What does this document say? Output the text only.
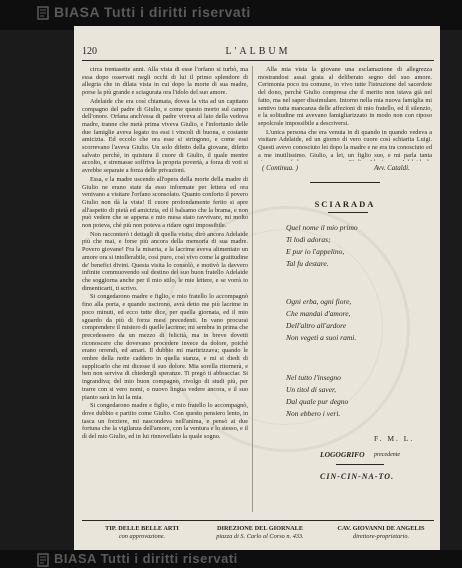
BIASA Tutti i diritti riservati
120	L'ALBUM

circa trentasette anni. Alla vista di esse l'orfano si turbò, ma essa dopo osservati negli occhi di lui il primo splendore di allegria che in dilata vista in cui dopo la morte di sua madre, porse la più grande e sciagurata ora l'idolo del suo amore.

Adelaide che era così chiamata, dovea la vita ad un capitano compagno del padre di Giulio, e come questo morto sul campo dell'onore. Orfana anch'essa di padre viveva al lato della vedova madre, tranne che metà prima viveva Giulio, e l'infortunio delle due famiglie aveva legato tra essi i vincoli di buona, e costante amicizia. Ed eccolo che ora esse si stringono, e come essi scorrevano l'aveva Giulio. Un solo difetto della giovane, difetto salvato perchè, in quistura il cuore di Giulio, il quale mentre accolto, e stremasse soffriva la propria povertà, a forza di voti si avrebbe separate a forza delle privazioni.

Essa, e la madre uscendo all'opera della morte della madre di Giulio ne erano state da esso informate per lettera ed ora venivano a visitare l'orfano sconsolato. Quanto conforto il povero Giulio non dà la vista! Il cuore profondamente ferito si apre all'aspetto di pietà ed amicizia, ed il balsamo che la brama, e non può vedere che se appena e mio mesa stato ravvivare, mi molto non poteva, chè più non poteva a ridare ogni impossibile.

Non racconterò i dettagli di quella visita; dirò ancora Adelaide più che mai, e forse più ancora della memoria di sua madre. Povero giovane! Fra la miseria, e la lacrime aveva alimentato un amore ora si intollerabile, così puro, così vivo come la gratitudine de' benefici divini. Questa visita lo consolò, e motivò la davvero infinite commuovendo sul destino del suo buon fratello Adelaide che soggiorna anche per il mio stilo, le mie lettere, e se vorrà io dimenticarti, ti scrivo.

Si congedarono madre e figlio, e mio fratello lo accompagnò fino alla porta, e quando uscirono, avrà detto me più lacrime in poco minuti, ed ecco tutte dice, per quella giornata, ed il mio sguardo da più di forza mesi precedenti. In vano procurai comprendere il mistero di quelle lacrime; mi sembra in prima che precedessero da un mezzo di felicità, ma in breve dovetti riconoscere che dovevano procedere invece da dolore, poichè erano orrendi, ed amari. Il dubbio mi martirizzava; quando le ombre della notte caddero in quella stanza, e mi si diedi di supplicarlo che mi dicesse il suo dolore. Mia sorella ritornerà, e ben non serviva di chiedergli speranze. Ti pregò ti abbracciar. Si ingrandiva; del mio buon compagno, rivolgo di studi più, per trarre con si vero nomi, o nuovo lingua vedere ancora, e il suo pianto sarà in lui la mia.

Si congedarono madre e figlio, e mio fratello lo accompagnò, dove dubbio e partito come Giulio. Con questo pensiero lento, in tasca un forziere, mi nascondeva nell'anima, e pensò ai due fortuna che la vigilanza dell'amore, con la ventura e lo stesso, e il dì del mio Giulio, ed in lui rinnovellato la quale sogno.

Alla mia vista la giovane una esclamazione di allegrezza mostrandosi assai grata al deliberato segno del suo amore. Cerimonia poco tra comune, io vivo tutte l'istruzione del sacerdote del dono, perchè Giulio compresa che il merito non istava già nel fatto, ma nel saper dissimulare. Intorno nella mia nuova famiglia mi sentivo tutta mancanza delle affezioni di mio fratello, ed il silenzio, e la solitudine mi avevano famigliarizzato in modo non con riposo sepolcrale impossibile a descriversi.

L'unica persona che era venuta in di quando in quando vedeva a visitare Adelaide, ed un giorno di vero cuore così schiarita Luigi. Questi avevo conosciuto lei dopo la madre e ne era tra conosciuto ed a me inutilissimo. Giulio, a lei, un figlio suo, e mi parla tanta

( Continua. )	Avv. Cataldi.
SCIARADA
Quel nome il mio primo
Ti lodi adoras;
E pur io l'appelino,
Tal fu destare.
Ogni erba, ogni fiore,
Che mandai d'amore,
Dell'altro all'ardore
Non vegeti a suoi rami.
Nel tutto l'insegno
Un titol di saver,
Dal quale pur degno
Non ebbero i veri.
F. M. L.
LOGOGRIFO precedente
CIN-CIN-NA-TO.
TIP. DELLE BELLE ARTI
con approvazione.
DIREZIONE DEL GIORNALE
piazza di S. Carlo al Corso n. 433.
CAV. GIOVANNI DE ANGELIS
direttore-proprietario.
BIASA Tutti i diritti riservati
